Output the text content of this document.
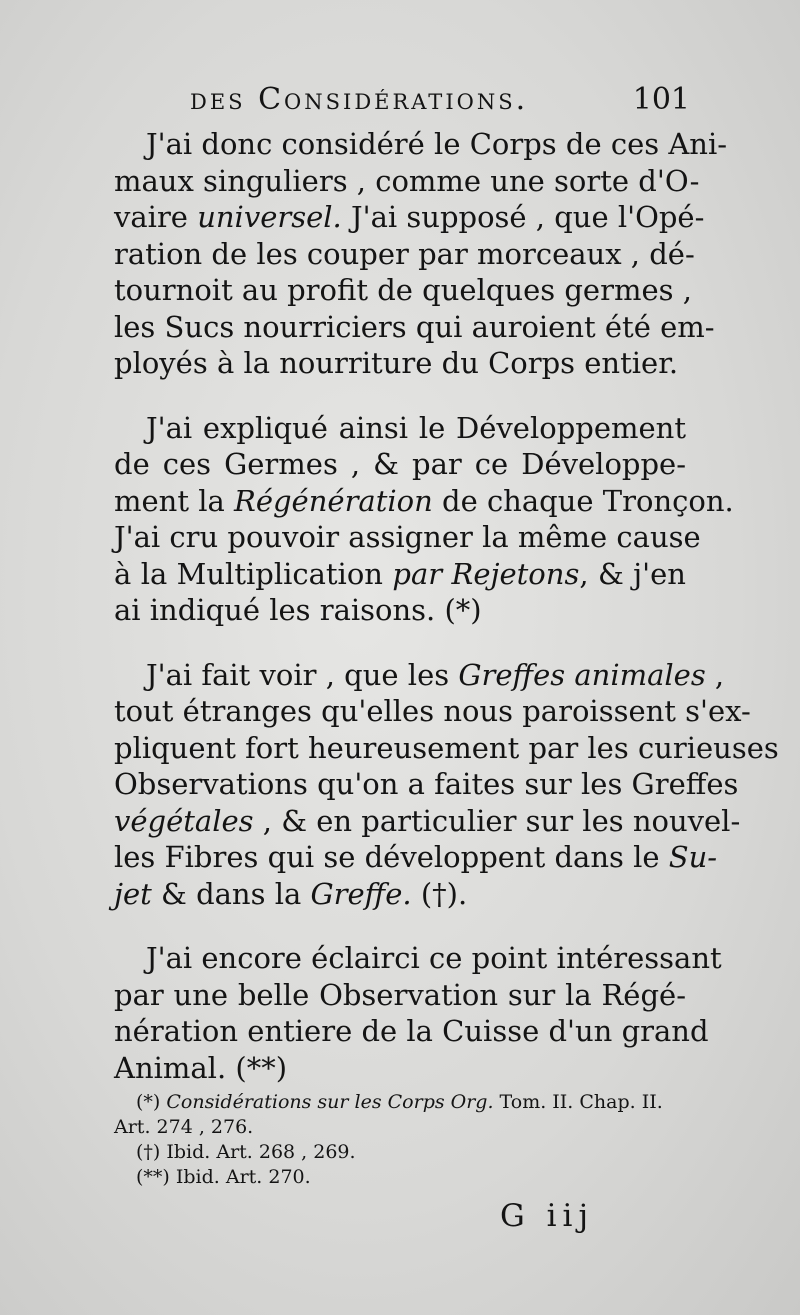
des Considérations.	101
J'ai donc considéré le Corps de ces Ani-
maux singuliers , comme une sorte d'O-
vaire universel. J'ai supposé , que l'Opé-
ration de les couper par morceaux , dé-
tournoit au profit de quelques germes ,
les Sucs nourriciers qui auroient été em-
ployés à la nourriture du Corps entier.
J'ai expliqué ainsi le Développement
de ces Germes , & par ce Développe-
ment la Régénération de chaque Tronçon.
J'ai cru pouvoir assigner la même cause
à la Multiplication par Rejetons, & j'en
ai indiqué les raisons. (*)
J'ai fait voir , que les Greffes animales ,
tout étranges qu'elles nous paroissent s'ex-
pliquent fort heureusement par les curieuses
Observations qu'on a faites sur les Greffes
végétales , & en particulier sur les nouvel-
les Fibres qui se développent dans le Su-
jet & dans la Greffe. (†).
J'ai encore éclairci ce point intéressant
par une belle Observation sur la Régé-
nération entiere de la Cuisse d'un grand
Animal. (**)
(*) Considérations sur les Corps Org. Tom. II. Chap. II.
Art. 274 , 276.
(†) Ibid. Art. 268 , 269.
(**) Ibid. Art. 270.
G iij
